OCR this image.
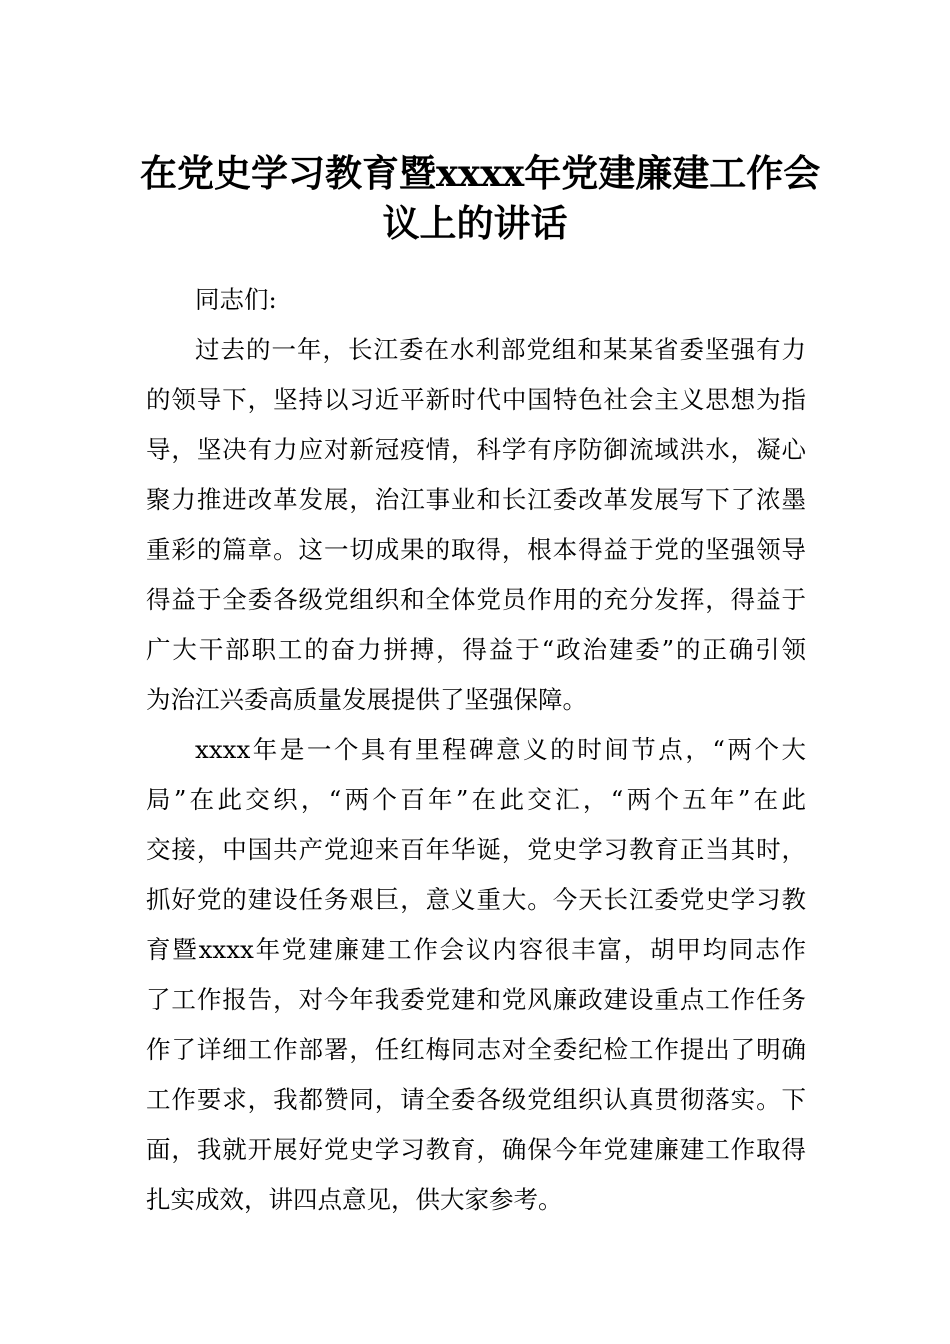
在党史学习教育暨xxxx年党建廉建工作会
议上的讲话
同志们:
过去的一年，长江委在水利部党组和某某省委坚强有力
的领导下，坚持以习近平新时代中国特色社会主义思想为指
导，坚决有力应对新冠疫情，科学有序防御流域洪水，凝心
聚力推进改革发展，治江事业和长江委改革发展写下了浓墨
重彩的篇章。这一切成果的取得，根本得益于党的坚强领导
得益于全委各级党组织和全体党员作用的充分发挥，得益于
广大干部职工的奋力拼搏，得益于“政治建委”的正确引领
为治江兴委高质量发展提供了坚强保障。
xxxx年是一个具有里程碑意义的时间节点，“两个大
局”在此交织，“两个百年”在此交汇，“两个五年”在此
交接，中国共产党迎来百年华诞，党史学习教育正当其时，
抓好党的建设任务艰巨，意义重大。今天长江委党史学习教
育暨xxxx年党建廉建工作会议内容很丰富，胡甲均同志作
了工作报告，对今年我委党建和党风廉政建设重点工作任务
作了详细工作部署，任红梅同志对全委纪检工作提出了明确
工作要求，我都赞同，请全委各级党组织认真贯彻落实。下
面，我就开展好党史学习教育，确保今年党建廉建工作取得
扎实成效，讲四点意见，供大家参考。
